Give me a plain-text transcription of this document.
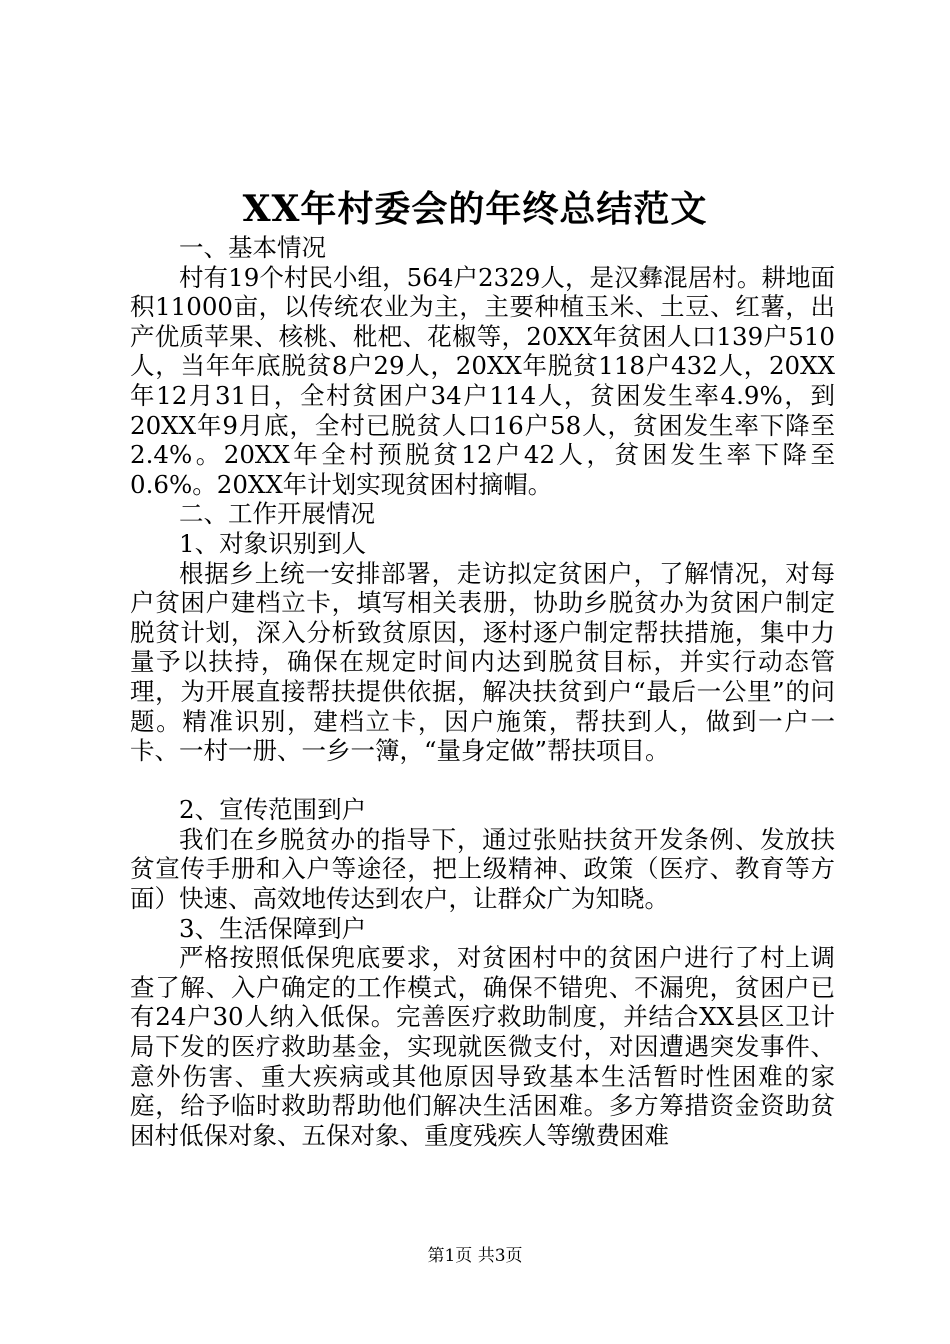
XX年村委会的年终总结范文

一、基本情况

村有19个村民小组，564户2329人，是汉彝混居村。耕地面积11000亩，以传统农业为主，主要种植玉米、土豆、红薯，出产优质苹果、核桃、枇杷、花椒等，20XX年贫困人口139户510人，当年年底脱贫8户29人，20XX年脱贫118户432人，20XX年12月31日，全村贫困户34户114人，贫困发生率4.9%，到20XX年9月底，全村已脱贫人口16户58人，贫困发生率下降至2.4%。20XX年全村预脱贫12户42人，贫困发生率下降至0.6%。20XX年计划实现贫困村摘帽。

二、工作开展情况

1、对象识别到人

根据乡上统一安排部署，走访拟定贫困户，了解情况，对每户贫困户建档立卡，填写相关表册，协助乡脱贫办为贫困户制定脱贫计划，深入分析致贫原因，逐村逐户制定帮扶措施，集中力量予以扶持，确保在规定时间内达到脱贫目标，并实行动态管理，为开展直接帮扶提供依据，解决扶贫到户“最后一公里”的问题。精准识别，建档立卡，因户施策，帮扶到人，做到一户一卡、一村一册、一乡一簿，“量身定做”帮扶项目。

2、宣传范围到户

我们在乡脱贫办的指导下，通过张贴扶贫开发条例、发放扶贫宣传手册和入户等途径，把上级精神、政策（医疗、教育等方面）快速、高效地传达到农户，让群众广为知晓。

3、生活保障到户

严格按照低保兜底要求，对贫困村中的贫困户进行了村上调查了解、入户确定的工作模式，确保不错兜、不漏兜，贫困户已有24户30人纳入低保。完善医疗救助制度，并结合XX县区卫计局下发的医疗救助基金，实现就医微支付，对因遭遇突发事件、意外伤害、重大疾病或其他原因导致基本生活暂时性困难的家庭，给予临时救助帮助他们解决生活困难。多方筹措资金资助贫困村低保对象、五保对象、重度残疾人等缴费困难

第1页 共3页
